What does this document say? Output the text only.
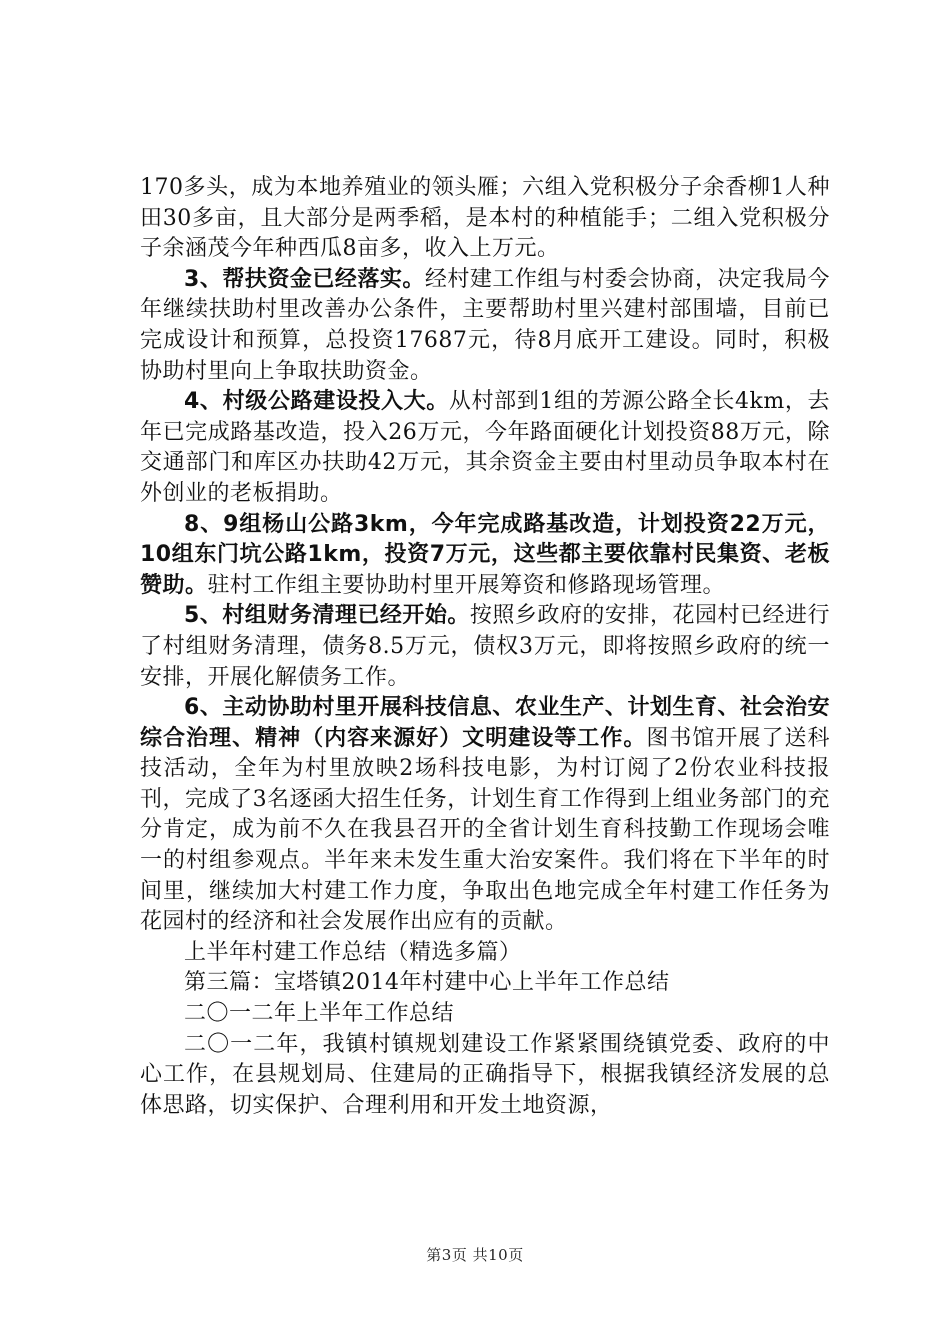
170多头，成为本地养殖业的领头雁；六组入党积极分子余香柳1人种田30多亩，且大部分是两季稻，是本村的种植能手；二组入党积极分子余涵茂今年种西瓜8亩多，收入上万元。

3、帮扶资金已经落实。经村建工作组与村委会协商，决定我局今年继续扶助村里改善办公条件，主要帮助村里兴建村部围墙，目前已完成设计和预算，总投资17687元，待8月底开工建设。同时，积极协助村里向上争取扶助资金。

4、村级公路建设投入大。从村部到1组的芳源公路全长4km，去年已完成路基改造，投入26万元，今年路面硬化计划投资88万元，除交通部门和库区办扶助42万元，其余资金主要由村里动员争取本村在外创业的老板捐助。

8、9组杨山公路3km，今年完成路基改造，计划投资22万元，10组东门坑公路1km，投资7万元，这些都主要依靠村民集资、老板赞助。驻村工作组主要协助村里开展筹资和修路现场管理。

5、村组财务清理已经开始。按照乡政府的安排，花园村已经进行了村组财务清理，债务8.5万元，债权3万元，即将按照乡政府的统一安排，开展化解债务工作。

6、主动协助村里开展科技信息、农业生产、计划生育、社会治安综合治理、精神（内容来源好）文明建设等工作。图书馆开展了送科技活动，全年为村里放映2场科技电影，为村订阅了2份农业科技报刊，完成了3名逐函大招生任务，计划生育工作得到上组业务部门的充分肯定，成为前不久在我县召开的全省计划生育科技勤工作现场会唯一的村组参观点。半年来未发生重大治安案件。我们将在下半年的时间里，继续加大村建工作力度，争取出色地完成全年村建工作任务为花园村的经济和社会发展作出应有的贡献。

上半年村建工作总结（精选多篇）

第三篇：宝塔镇2014年村建中心上半年工作总结

二〇一二年上半年工作总结

二〇一二年，我镇村镇规划建设工作紧紧围绕镇党委、政府的中心工作，在县规划局、住建局的正确指导下，根据我镇经济发展的总体思路，切实保护、合理利用和开发土地资源，

第3页 共10页
